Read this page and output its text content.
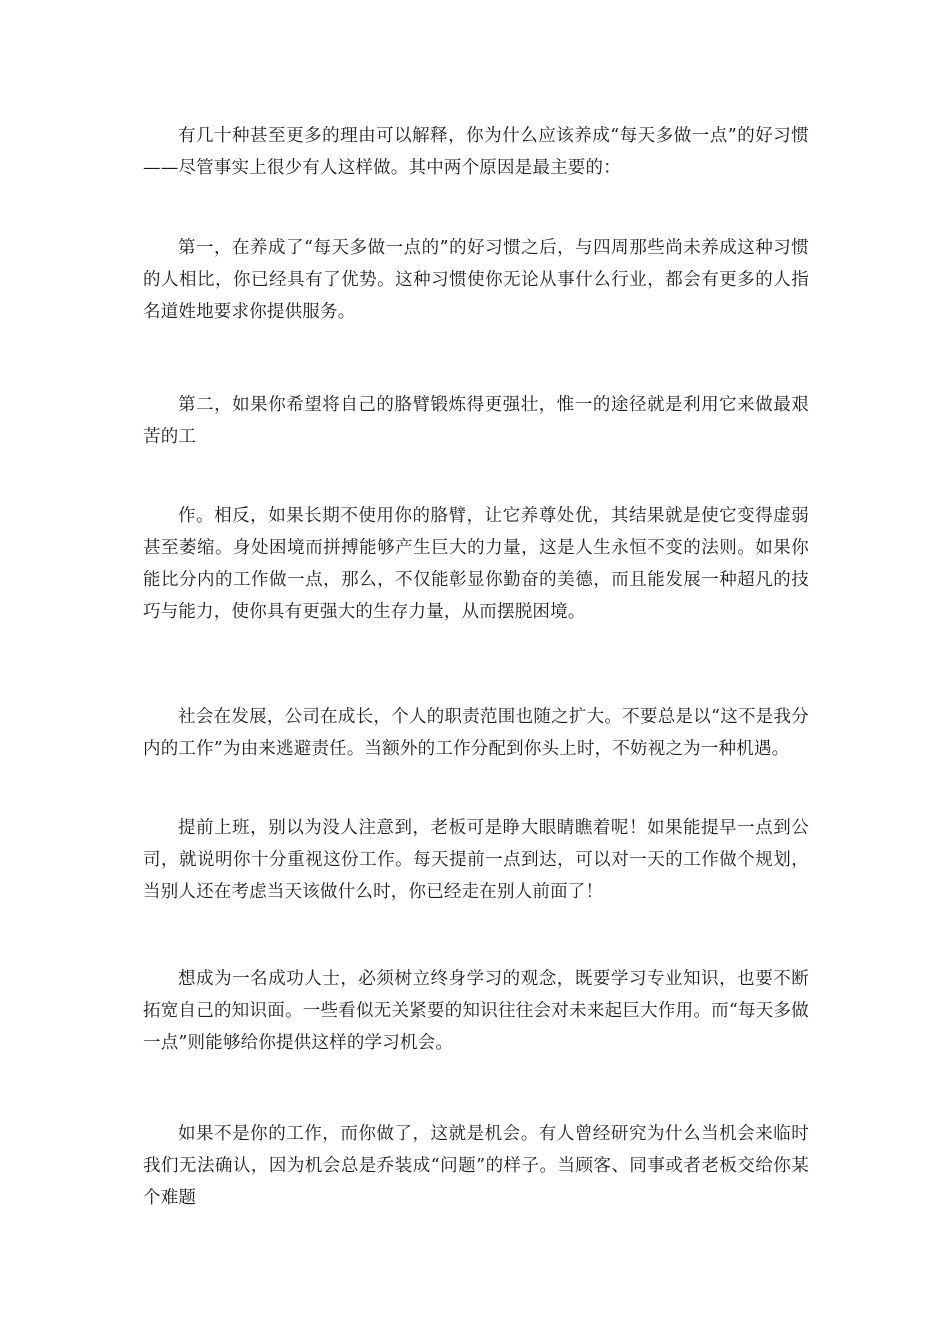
有几十种甚至更多的理由可以解释，你为什么应该养成“每天多做一点”的好习惯——尽管事实上很少有人这样做。其中两个原因是最主要的：

第一，在养成了“每天多做一点的”的好习惯之后，与四周那些尚未养成这种习惯的人相比，你已经具有了优势。这种习惯使你无论从事什么行业，都会有更多的人指名道姓地要求你提供服务。

第二，如果你希望将自己的胳臂锻炼得更强壮，惟一的途径就是利用它来做最艰苦的工

作。相反，如果长期不使用你的胳臂，让它养尊处优，其结果就是使它变得虚弱甚至萎缩。身处困境而拼搏能够产生巨大的力量，这是人生永恒不变的法则。如果你能比分内的工作做一点，那么，不仅能彰显你勤奋的美德，而且能发展一种超凡的技巧与能力，使你具有更强大的生存力量，从而摆脱困境。

社会在发展，公司在成长，个人的职责范围也随之扩大。不要总是以“这不是我分内的工作”为由来逃避责任。当额外的工作分配到你头上时，不妨视之为一种机遇。

提前上班，别以为没人注意到，老板可是睁大眼睛瞧着呢！如果能提早一点到公司，就说明你十分重视这份工作。每天提前一点到达，可以对一天的工作做个规划，当别人还在考虑当天该做什么时，你已经走在别人前面了！

想成为一名成功人士，必须树立终身学习的观念，既要学习专业知识，也要不断拓宽自己的知识面。一些看似无关紧要的知识往往会对未来起巨大作用。而“每天多做一点”则能够给你提供这样的学习机会。

如果不是你的工作，而你做了，这就是机会。有人曾经研究为什么当机会来临时我们无法确认，因为机会总是乔装成“问题”的样子。当顾客、同事或者老板交给你某个难题
